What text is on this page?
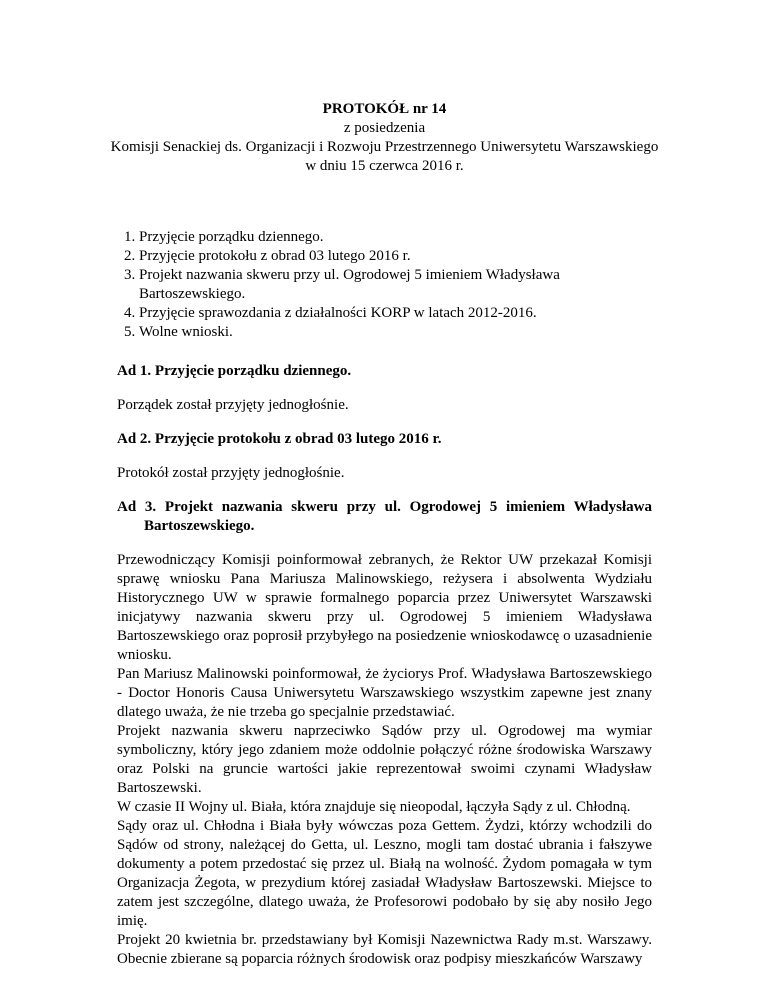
PROTOKÓŁ nr 14
z posiedzenia
Komisji Senackiej ds. Organizacji i Rozwoju Przestrzennego Uniwersytetu Warszawskiego
w dniu 15 czerwca 2016 r.
1. Przyjęcie porządku dziennego.
2. Przyjęcie protokołu z obrad 03 lutego 2016 r.
3. Projekt nazwania skweru przy ul. Ogrodowej 5 imieniem Władysława Bartoszewskiego.
4. Przyjęcie sprawozdania z działalności KORP w latach 2012-2016.
5. Wolne wnioski.
Ad 1. Przyjęcie porządku dziennego.
Porządek został przyjęty jednogłośnie.
Ad 2. Przyjęcie protokołu z obrad 03 lutego 2016 r.
Protokół został przyjęty jednogłośnie.
Ad 3. Projekt nazwania skweru przy ul. Ogrodowej 5 imieniem Władysława
Bartoszewskiego.

Przewodniczący Komisji poinformował zebranych, że Rektor UW przekazał Komisji sprawę wniosku Pana Mariusza Malinowskiego, reżysera i absolwenta Wydziału Historycznego UW w sprawie formalnego poparcia przez Uniwersytet Warszawski inicjatywy nazwania skweru przy ul. Ogrodowej 5 imieniem Władysława Bartoszewskiego oraz poprosił przybyłego na posiedzenie wnioskodawcę o uzasadnienie wniosku.

Pan Mariusz Malinowski poinformował, że życiorys Prof. Władysława Bartoszewskiego - Doctor Honoris Causa Uniwersytetu Warszawskiego wszystkim zapewne jest znany dlatego uważa, że nie trzeba go specjalnie przedstawiać.

Projekt nazwania skweru naprzeciwko Sądów przy ul. Ogrodowej ma wymiar symboliczny, który jego zdaniem może oddolnie połączyć różne środowiska Warszawy oraz Polski na gruncie wartości jakie reprezentował swoimi czynami Władysław Bartoszewski.

W czasie II Wojny ul. Biała, która znajduje się nieopodal, łączyła Sądy z ul. Chłodną.

Sądy oraz ul. Chłodna i Biała były wówczas poza Gettem. Żydzi, którzy wchodzili do Sądów od strony, należącej do Getta, ul. Leszno, mogli tam dostać ubrania i fałszywe dokumenty a potem przedostać się przez ul. Białą na wolność. Żydom pomagała w tym Organizacja Żegota, w prezydium której zasiadał Władysław Bartoszewski. Miejsce to zatem jest szczególne, dlatego uważa, że Profesorowi podobało by się aby nosiło Jego imię.

Projekt 20 kwietnia br. przedstawiany był Komisji Nazewnictwa Rady m.st. Warszawy. Obecnie zbierane są poparcia różnych środowisk oraz podpisy mieszkańców Warszawy
